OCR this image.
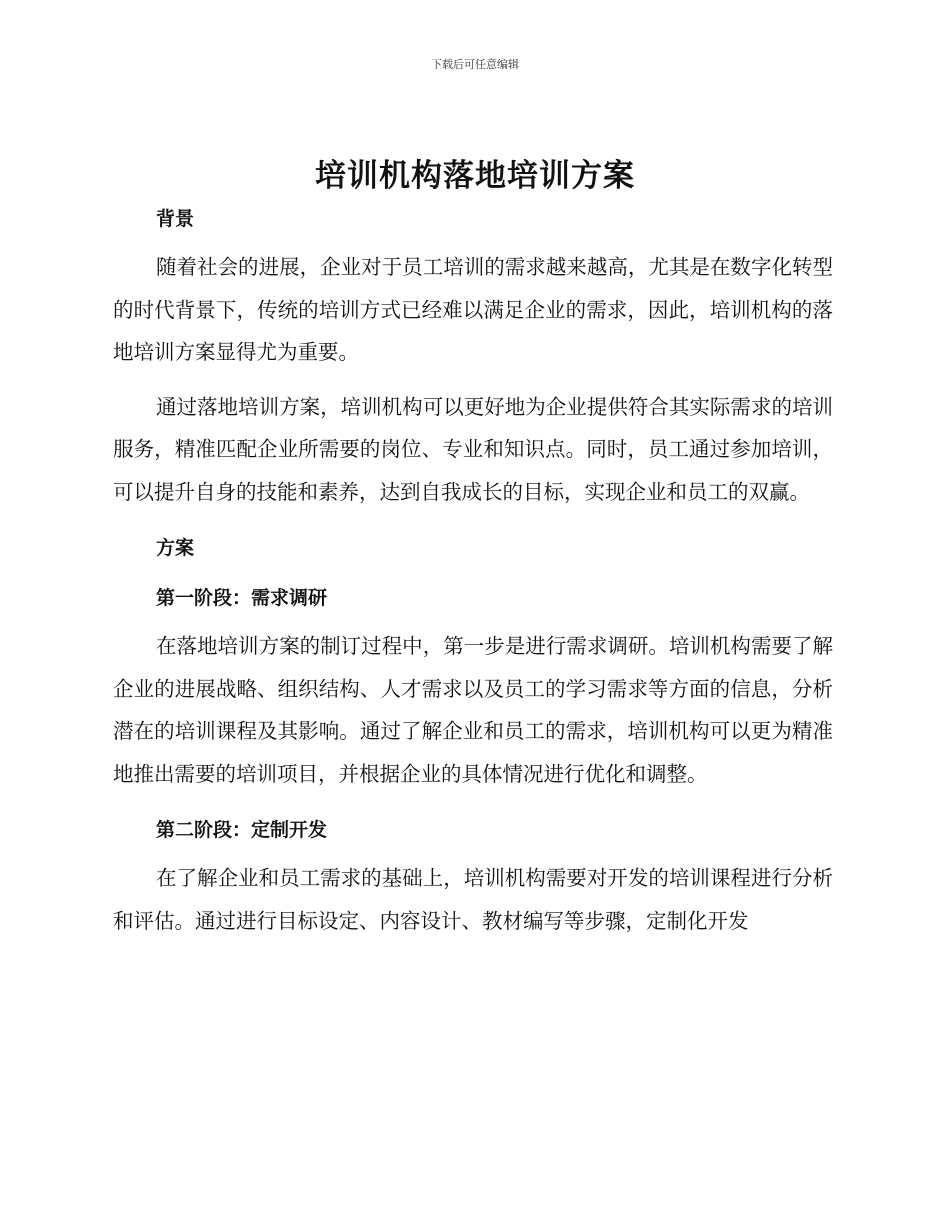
下载后可任意编辑
培训机构落地培训方案
背景

随着社会的进展，企业对于员工培训的需求越来越高，尤其是在数字化转型的时代背景下，传统的培训方式已经难以满足企业的需求，因此，培训机构的落地培训方案显得尤为重要。

通过落地培训方案，培训机构可以更好地为企业提供符合其实际需求的培训服务，精准匹配企业所需要的岗位、专业和知识点。同时，员工通过参加培训，可以提升自身的技能和素养，达到自我成长的目标，实现企业和员工的双赢。

方案
第一阶段：需求调研

在落地培训方案的制订过程中，第一步是进行需求调研。培训机构需要了解企业的进展战略、组织结构、人才需求以及员工的学习需求等方面的信息，分析潜在的培训课程及其影响。通过了解企业和员工的需求，培训机构可以更为精准地推出需要的培训项目，并根据企业的具体情况进行优化和调整。

第二阶段：定制开发

在了解企业和员工需求的基础上，培训机构需要对开发的培训课程进行分析和评估。通过进行目标设定、内容设计、教材编写等步骤，定制化开发
